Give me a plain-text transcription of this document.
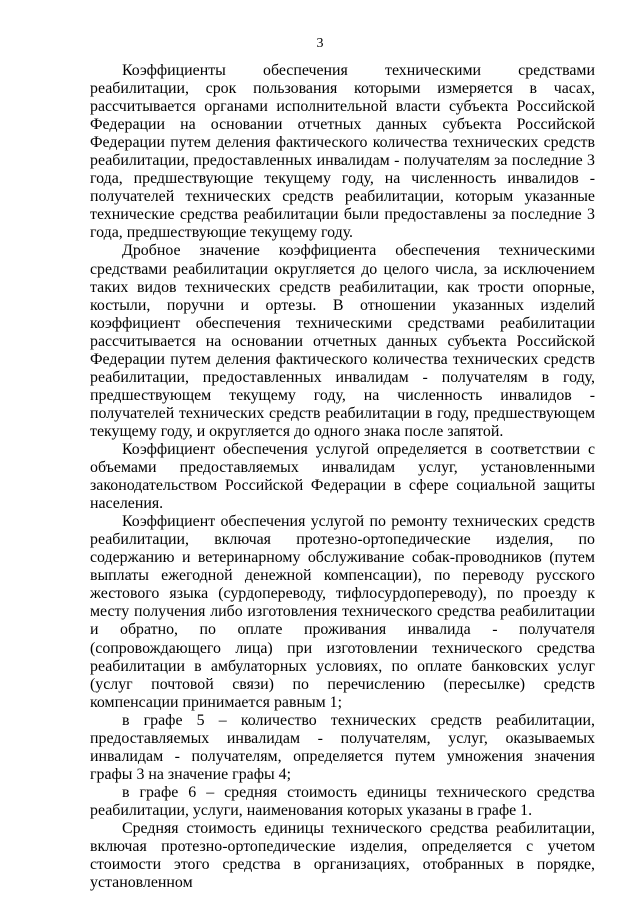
3

Коэффициенты обеспечения техническими средствами реабилитации, срок пользования которыми измеряется в часах, рассчитывается органами исполнительной власти субъекта Российской Федерации на основании отчетных данных субъекта Российской Федерации путем деления фактического количества технических средств реабилитации, предоставленных инвалидам - получателям за последние 3 года, предшествующие текущему году, на численность инвалидов - получателей технических средств реабилитации, которым указанные технические средства реабилитации были предоставлены за последние 3 года, предшествующие текущему году.

Дробное значение коэффициента обеспечения техническими средствами реабилитации округляется до целого числа, за исключением таких видов технических средств реабилитации, как трости опорные, костыли, поручни и ортезы. В отношении указанных изделий коэффициент обеспечения техническими средствами реабилитации рассчитывается на основании отчетных данных субъекта Российской Федерации путем деления фактического количества технических средств реабилитации, предоставленных инвалидам - получателям в году, предшествующем текущему году, на численность инвалидов - получателей технических средств реабилитации в году, предшествующем текущему году, и округляется до одного знака после запятой.

Коэффициент обеспечения услугой определяется в соответствии с объемами предоставляемых инвалидам услуг, установленными законодательством Российской Федерации в сфере социальной защиты населения.

Коэффициент обеспечения услугой по ремонту технических средств реабилитации, включая протезно-ортопедические изделия, по содержанию и ветеринарному обслуживание собак-проводников (путем выплаты ежегодной денежной компенсации), по переводу русского жестового языка (сурдопереводу, тифлосурдопереводу), по проезду к месту получения либо изготовления технического средства реабилитации и обратно, по оплате проживания инвалида - получателя (сопровождающего лица) при изготовлении технического средства реабилитации в амбулаторных условиях, по оплате банковских услуг (услуг почтовой связи) по перечислению (пересылке) средств компенсации принимается равным 1;

в графе 5 – количество технических средств реабилитации, предоставляемых инвалидам - получателям, услуг, оказываемых инвалидам - получателям, определяется путем умножения значения графы 3 на значение графы 4;

в графе 6 – средняя стоимость единицы технического средства реабилитации, услуги, наименования которых указаны в графе 1.

Средняя стоимость единицы технического средства реабилитации, включая протезно-ортопедические изделия, определяется с учетом стоимости этого средства в организациях, отобранных в порядке, установленном
